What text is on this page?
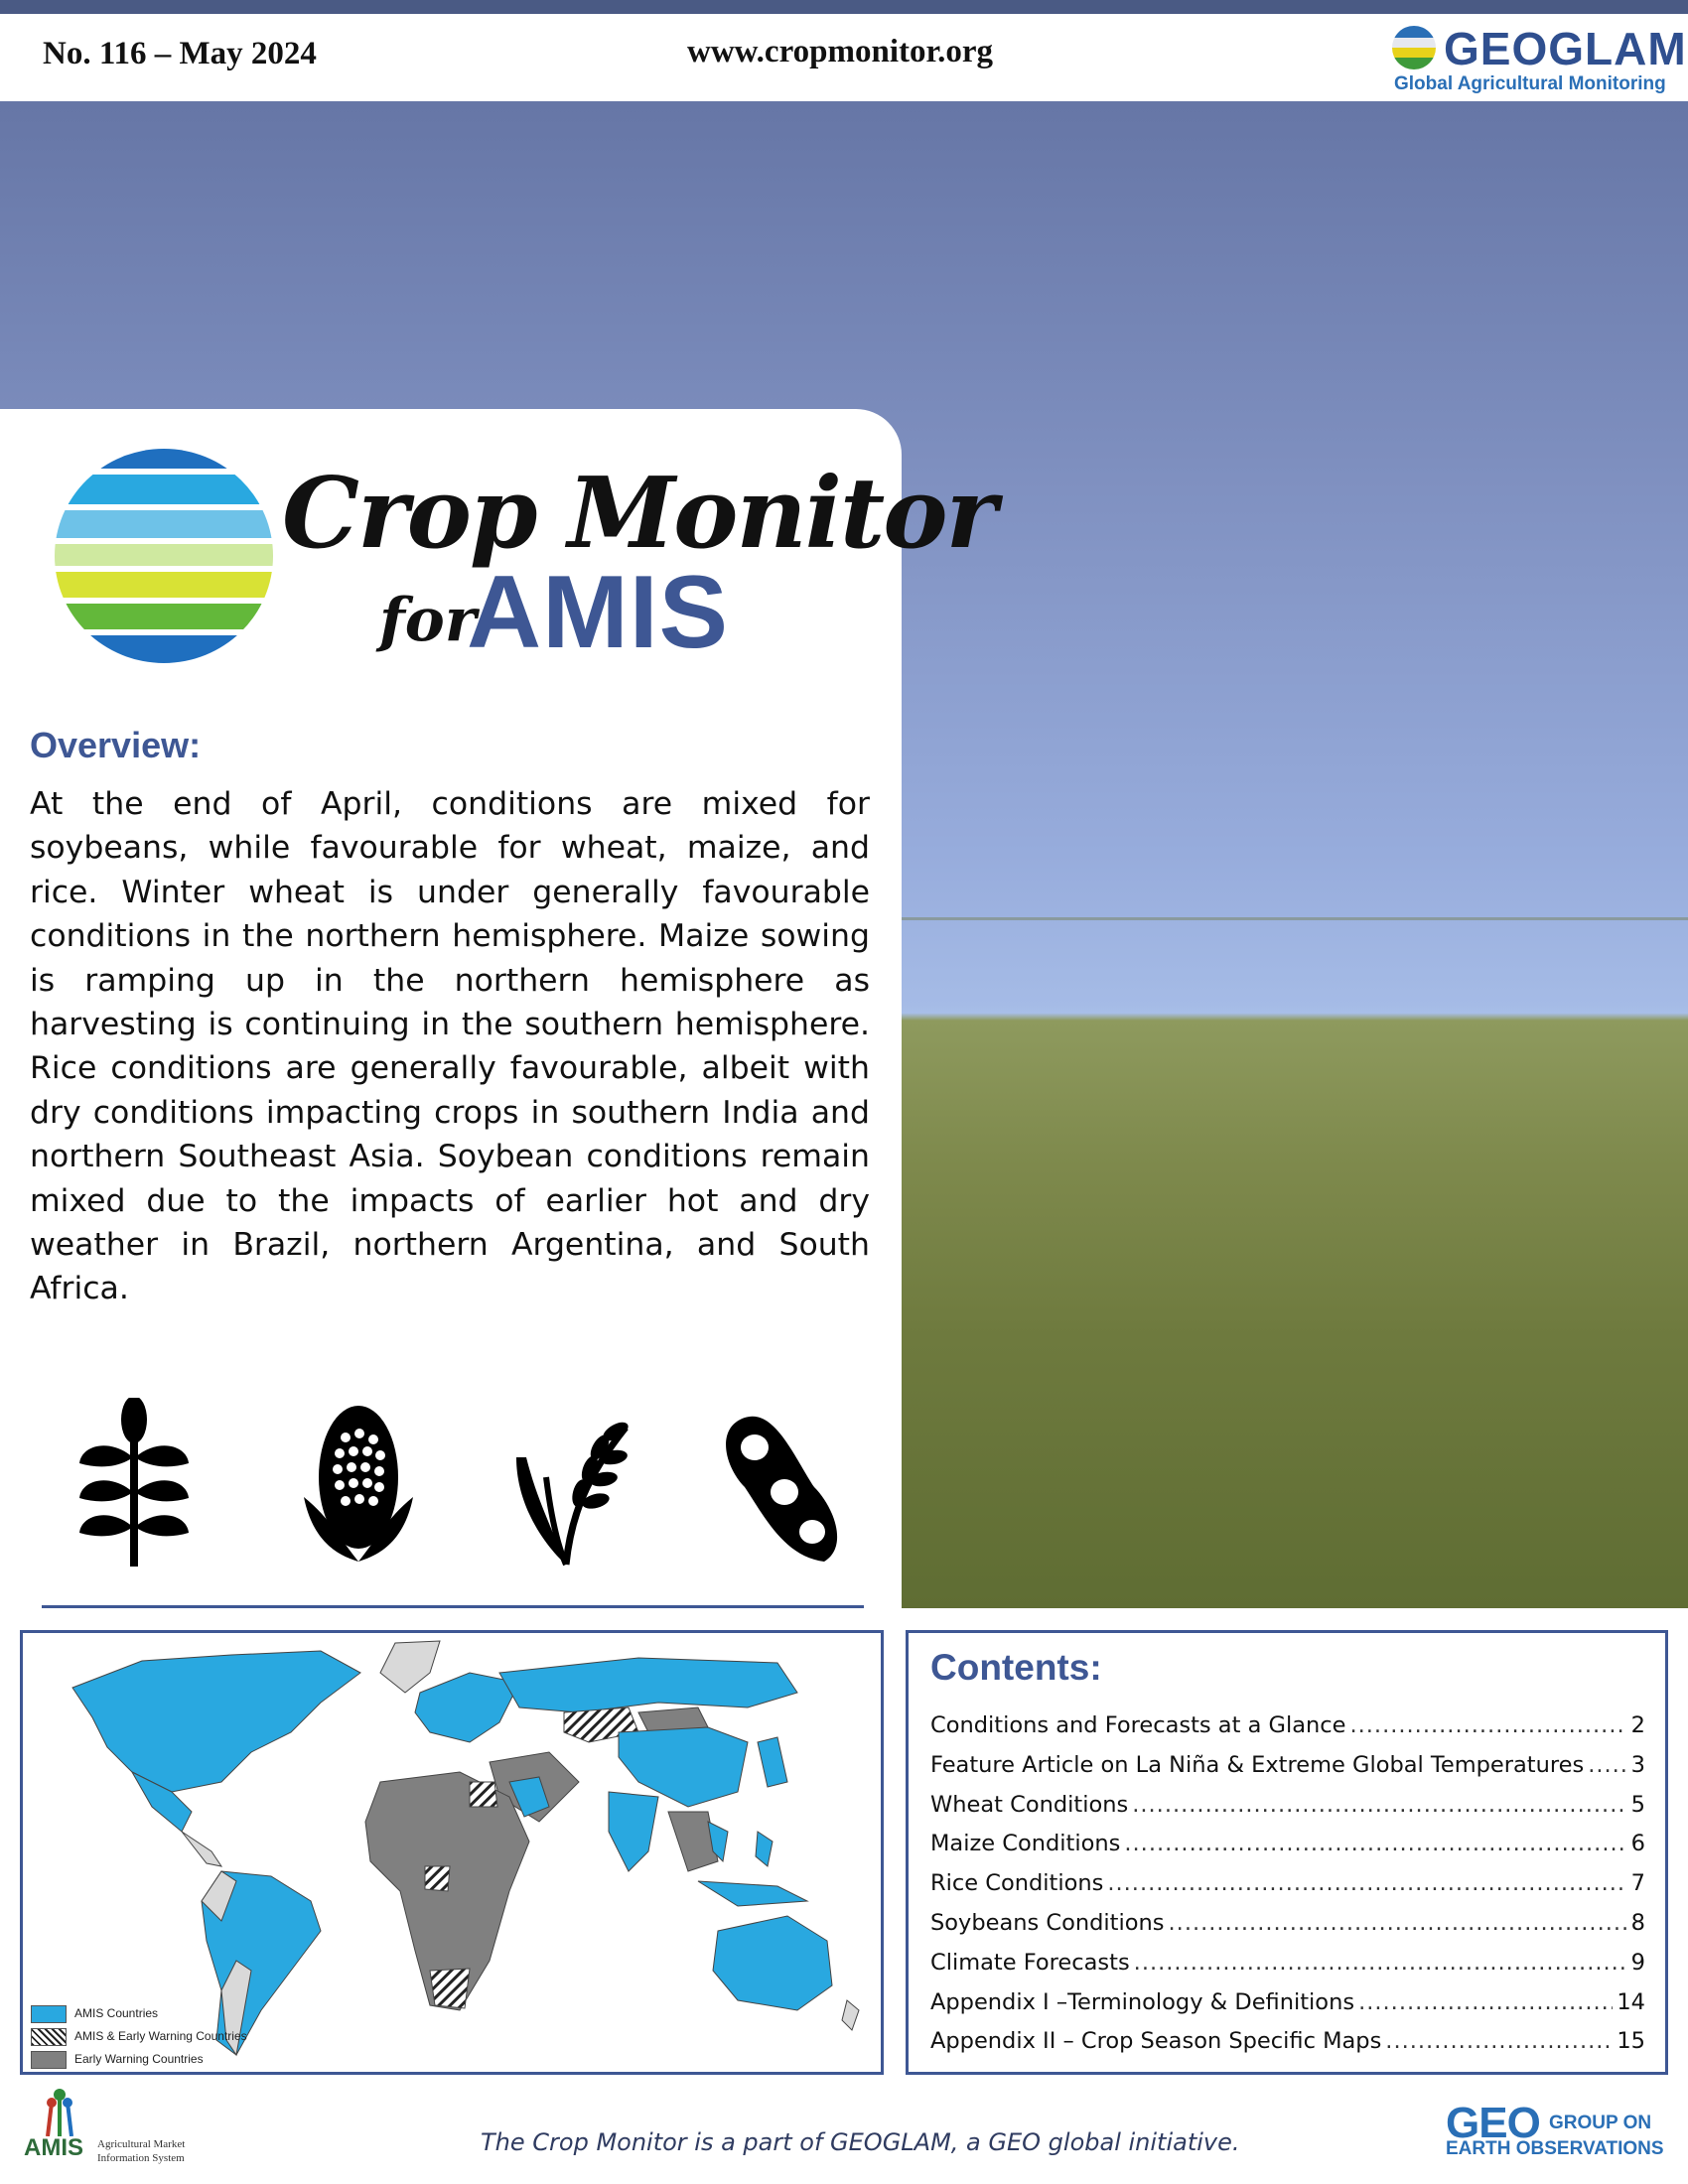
No. 116 – May 2024	www.cropmonitor.org	GEOGLAM
Global Agricultural Monitoring
Crop Monitor
for
AMIS
Overview:
At the end of April, conditions are mixed for soybeans, while favourable for wheat, maize, and rice. Winter wheat is under generally favourable conditions in the northern hemisphere. Maize sowing is ramping up in the northern hemisphere as harvesting is continuing in the southern hemisphere. Rice conditions are generally favourable, albeit with dry conditions impacting crops in southern India and northern Southeast Asia. Soybean conditions remain mixed due to the impacts of earlier hot and dry weather in Brazil, northern Argentina, and South Africa.
AMIS Countries
AMIS & Early Warning Countries
Early Warning Countries
Contents:
Conditions and Forecasts at a Glance .....	2
Feature Article on La Niña & Extreme Global Temperatures ..... 3
Wheat Conditions .....	5
Maize Conditions .....	6
Rice Conditions .....	7
Soybeans Conditions .....	8
Climate Forecasts .....	9
Appendix I –Terminology & Definitions .....	14
Appendix II – Crop Season Specific Maps .....	15
AMIS Agricultural Market
Information System
The Crop Monitor is a part of GEOGLAM, a GEO global initiative.	GEO GROUP ON
EARTH OBSERVATIONS
